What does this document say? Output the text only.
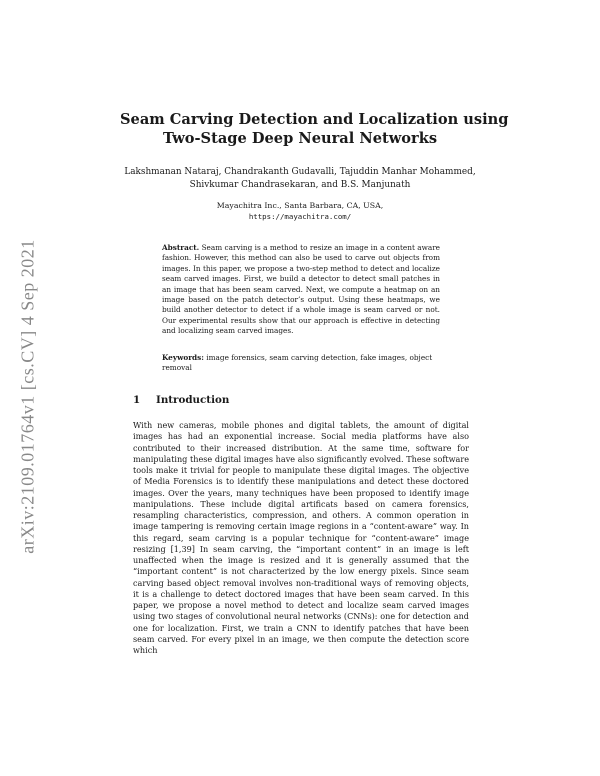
arXiv:2109.01764v1 [cs.CV] 4 Sep 2021
Seam Carving Detection and Localization using
Two-Stage Deep Neural Networks
Lakshmanan Nataraj, Chandrakanth Gudavalli, Tajuddin Manhar Mohammed,
Shivkumar Chandrasekaran, and B.S. Manjunath
Mayachitra Inc., Santa Barbara, CA, USA,
https://mayachitra.com/
Abstract. Seam carving is a method to resize an image in a content aware fashion. However, this method can also be used to carve out objects from images. In this paper, we propose a two-step method to detect and localize seam carved images. First, we build a detector to detect small patches in an image that has been seam carved. Next, we compute a heatmap on an image based on the patch detector’s output. Using these heatmaps, we build another detector to detect if a whole image is seam carved or not. Our experimental results show that our approach is effective in detecting and localizing seam carved images.
Keywords: image forensics, seam carving detection, fake images, object removal
1 Introduction
With new cameras, mobile phones and digital tablets, the amount of digital images has had an exponential increase. Social media platforms have also contributed to their increased distribution. At the same time, software for manipulating these digital images have also significantly evolved. These software tools make it trivial for people to manipulate these digital images. The objective of Media Forensics is to identify these manipulations and detect these doctored images. Over the years, many techniques have been proposed to identify image manipulations. These include digital artificats based on camera forensics, resampling characteristics, compression, and others. A common operation in image tampering is removing certain image regions in a “content-aware” way. In this regard, seam carving is a popular technique for “content-aware” image resizing [1,39] In seam carving, the “important content” in an image is left unaffected when the image is resized and it is generally assumed that the “important content” is not characterized by the low energy pixels. Since seam carving based object removal involves non-traditional ways of removing objects, it is a challenge to detect doctored images that have been seam carved. In this paper, we propose a novel method to detect and localize seam carved images using two stages of convolutional neural networks (CNNs): one for detection and one for localization. First, we train a CNN to identify patches that have been seam carved. For every pixel in an image, we then compute the detection score which
